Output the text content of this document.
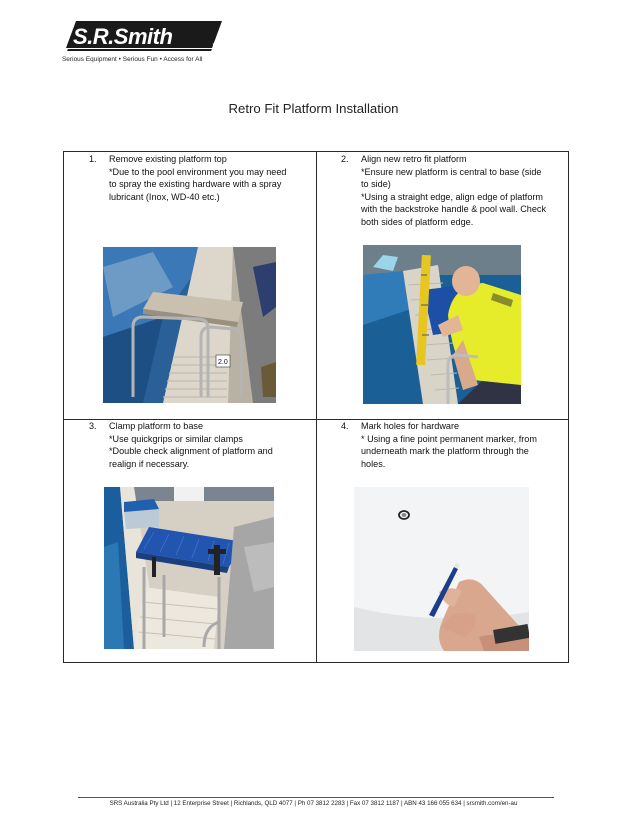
S.R.Smith	TM
Serious Equipment • Serious Fun • Access for All
Retro Fit Platform Installation
1. Remove existing platform top
*Due to the pool environment you may need
to spray the existing hardware with a spray
lubricant (Inox, WD-40 etc.)
2. Align new retro fit platform
*Ensure new platform is central to base (side
to side)
*Using a straight edge, align edge of platform
with the backstroke handle & pool wall. Check
both sides of platform edge.
3. Clamp platform to base
*Use quickgrips or similar clamps
*Double check alignment of platform and
realign if necessary.
4. Mark holes for hardware
* Using a fine point permanent marker, from
underneath mark the platform through the
holes.
2.0
SRS Australia Pty Ltd | 12 Enterprise Street | Richlands, QLD 4077 | Ph 07 3812 2283 | Fax 07 3812 1187 | ABN 43 166 055 634 | srsmith.com/en-au
